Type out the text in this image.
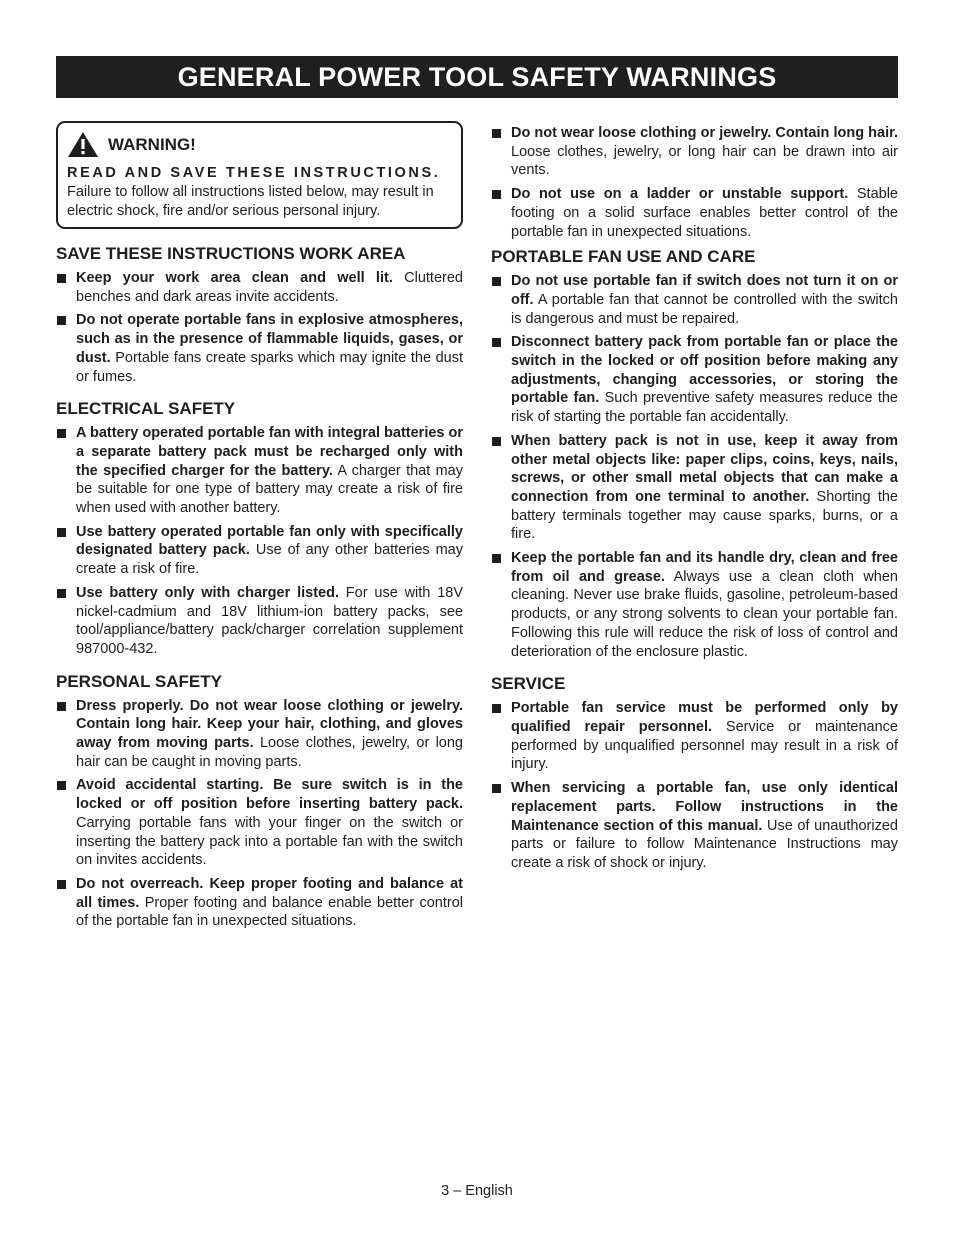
GENERAL POWER TOOL SAFETY WARNINGS
WARNING!
READ AND SAVE THESE INSTRUCTIONS.
Failure to follow all instructions listed below, may result in electric shock, fire and/or serious personal injury.
SAVE THESE INSTRUCTIONS WORK AREA
Keep your work area clean and well lit. Cluttered benches and dark areas invite accidents.
Do not operate portable fans in explosive atmospheres, such as in the presence of flammable liquids, gases, or dust. Portable fans create sparks which may ignite the dust or fumes.
ELECTRICAL SAFETY
A battery operated portable fan with integral batteries or a separate battery pack must be recharged only with the specified charger for the battery. A charger that may be suitable for one type of battery may create a risk of fire when used with another battery.
Use battery operated portable fan only with specifically designated battery pack. Use of any other batteries may create a risk of fire.
Use battery only with charger listed. For use with 18V nickel-cadmium and 18V lithium-ion battery packs, see tool/appliance/battery pack/charger correlation supplement 987000-432.
PERSONAL SAFETY
Dress properly. Do not wear loose clothing or jewelry. Contain long hair. Keep your hair, clothing, and gloves away from moving parts. Loose clothes, jewelry, or long hair can be caught in moving parts.
Avoid accidental starting. Be sure switch is in the locked or off position before inserting battery pack. Carrying portable fans with your finger on the switch or inserting the battery pack into a portable fan with the switch on invites accidents.
Do not overreach. Keep proper footing and balance at all times. Proper footing and balance enable better control of the portable fan in unexpected situations.
Do not wear loose clothing or jewelry. Contain long hair. Loose clothes, jewelry, or long hair can be drawn into air vents.
Do not use on a ladder or unstable support. Stable footing on a solid surface enables better control of the portable fan in unexpected situations.
PORTABLE FAN USE AND CARE
Do not use portable fan if switch does not turn it on or off. A portable fan that cannot be controlled with the switch is dangerous and must be repaired.
Disconnect battery pack from portable fan or place the switch in the locked or off position before making any adjustments, changing accessories, or storing the portable fan. Such preventive safety measures reduce the risk of starting the portable fan accidentally.
When battery pack is not in use, keep it away from other metal objects like: paper clips, coins, keys, nails, screws, or other small metal objects that can make a connection from one terminal to another. Shorting the battery terminals together may cause sparks, burns, or a fire.
Keep the portable fan and its handle dry, clean and free from oil and grease. Always use a clean cloth when cleaning. Never use brake fluids, gasoline, petroleum-based products, or any strong solvents to clean your portable fan. Following this rule will reduce the risk of loss of control and deterioration of the enclosure plastic.
SERVICE
Portable fan service must be performed only by qualified repair personnel. Service or maintenance performed by unqualified personnel may result in a risk of injury.
When servicing a portable fan, use only identical replacement parts. Follow instructions in the Maintenance section of this manual. Use of unauthorized parts or failure to follow Maintenance Instructions may create a risk of shock or injury.
3 – English
